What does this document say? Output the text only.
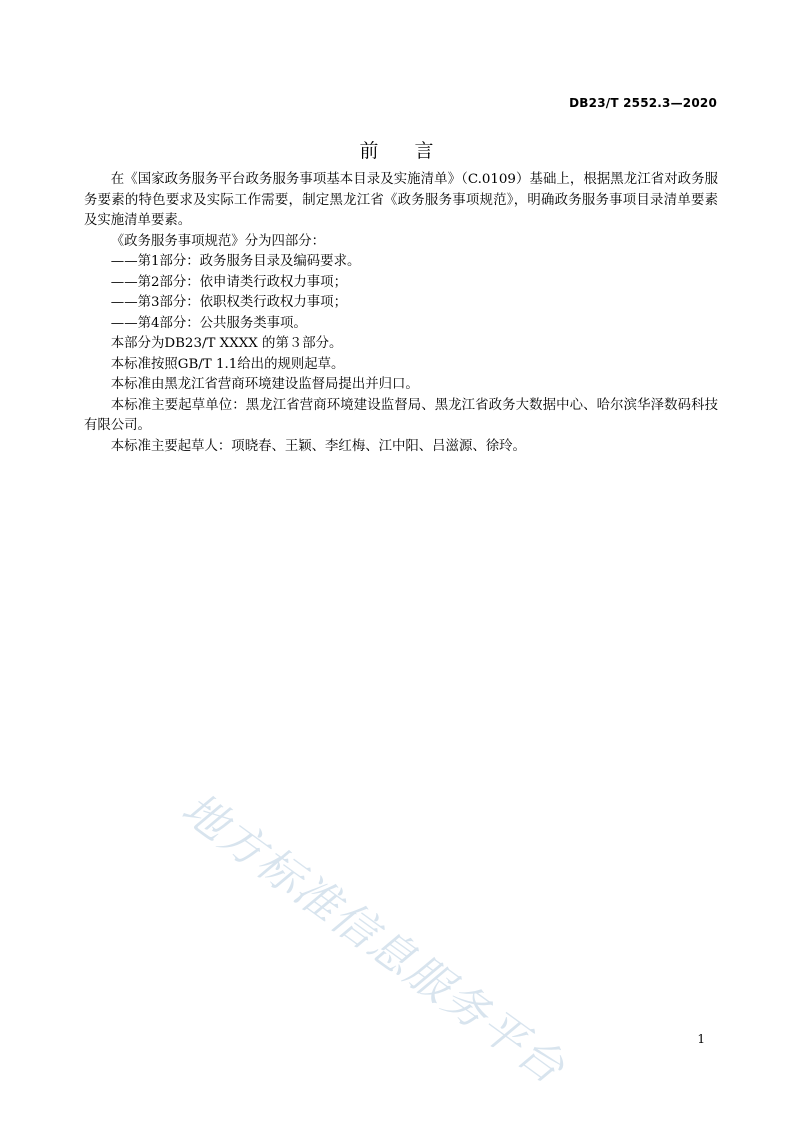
DB23/T 2552.3—2020
前言

在《国家政务服务平台政务服务事项基本目录及实施清单》（C.0109）基础上，根据黑龙江省对政务服务要素的特色要求及实际工作需要，制定黑龙江省《政务服务事项规范》，明确政务服务事项目录清单要素及实施清单要素。

《政务服务事项规范》分为四部分：

——第1部分：政务服务目录及编码要求。

——第2部分：依申请类行政权力事项；

——第3部分：依职权类行政权力事项；

——第4部分：公共服务类事项。

本部分为DB23/T XXXX 的第３部分。

本标准按照GB/T 1.1给出的规则起草。

本标准由黑龙江省营商环境建设监督局提出并归口。

本标准主要起草单位：黑龙江省营商环境建设监督局、黑龙江省政务大数据中心、哈尔滨华泽数码科技有限公司。

本标准主要起草人：项晓春、王颖、李红梅、江中阳、吕滋源、徐玲。

地方标准信息服务平台	1
